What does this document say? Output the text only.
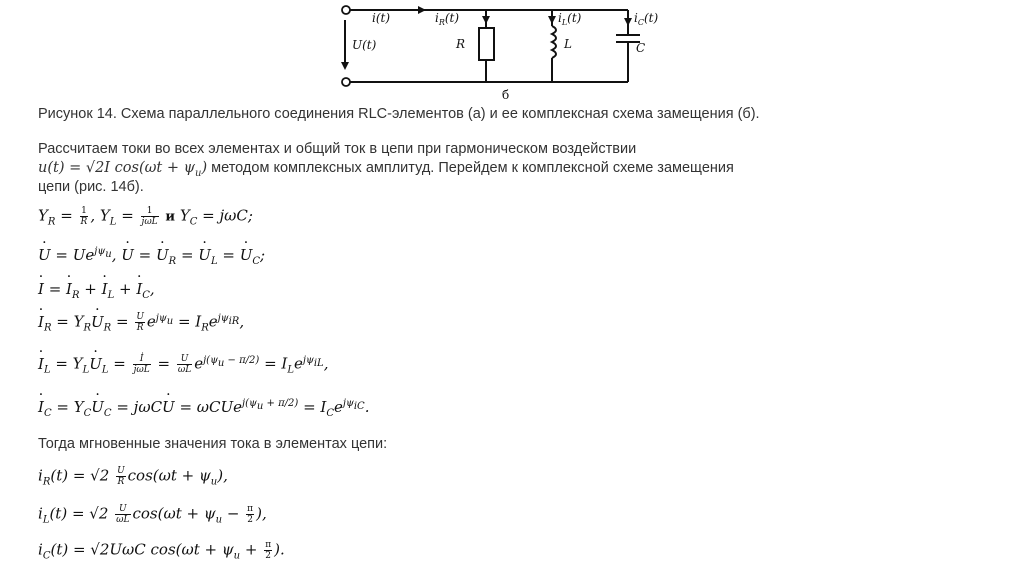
i(t)
U(t)
$i_R(t)$
R
$i_L(t)$
L
$i_C(t)$
C
б
Рисунок 14. Схема параллельного соединения RLC-элементов (а) и ее комплексная схема замещения (б).
Рассчитаем токи во всех элементах и общий ток в цепи при гармоническом воздействии
u(t) = √2I $\cos(\omega t + \psi_u)$ методом комплексных амплитуд. Перейдем к комплексной схеме замещения
цепи (рис. 14б).
$Y_R = \frac{1}{R}$ , $Y_L = \frac{1}{\text{jωL}}$ и $Y_C = j\omega C$;
U · = $Ue^{j\psi_u}$, U · = $U \cdot_R = U \cdot_L = U \cdot_C$;
I · = $I \cdot_R + I \cdot_L + I \cdot_C$,
$I \cdot_R = Y_RU \cdot_R = \frac{U}{R} e^{j\psi_u} = I_Re^{j\psi_{iR}}$,
$I \cdot_L = Y_LU \cdot_L = \frac{İ}{\text{jωL}} = \frac{U}{\omega L} e^{j(\psi_u - \pi/2)} = I_Le^{j\psi_{iL}}$,
$I \cdot_C = Y_CU \cdot_C = j\omega CU$ · = $\omega CUe^{j(\psi_u + \pi/2)} = I_Ce^{j\psi_{iC}}$.
Тогда мгновенные значения тока в элементах цепи:
$i_R(t) = √2 \frac{U}{R} \cos(\omega t + \psi_u)$,
$i_L(t) = √2 \frac{U}{\omega L} \cos(\omega t + \psi_u - \frac{\pi}{2}$ ),
$i_C(t) = √2U\omega C$ $\cos(\omega t + \psi_u + \frac{\pi}{2}$ ).
